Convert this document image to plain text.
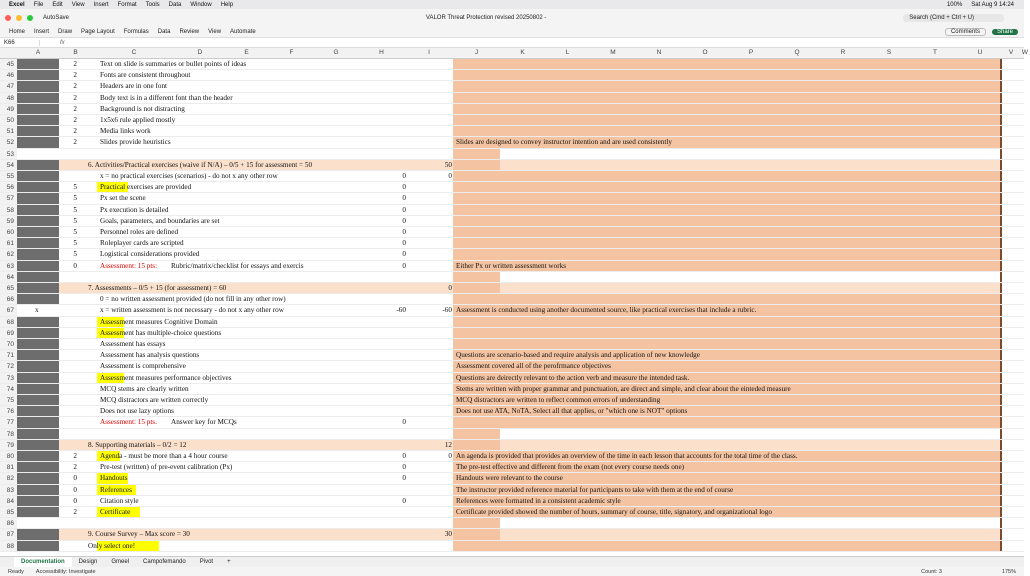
Excel File Edit View Insert Format Tools Data Window Help	100% Sat Aug 9 14:24
AutoSave	VALOR Threat Protection revised 20250802 -	Search (Cmd + Ctrl + U)
Home Insert Draw Page Layout Formulas Data Review View Automate	Comments	Share
K66	fx
A	B	C	D	E	F	G	H	I	J	K	L	M	N	O	P	Q	R	S	T	U	V	W
45	2	Text on slide is summaries or bullet points of ideas
46	2	Fonts are consistent throughout
47	2	Headers are in one font
48	2	Body text is in a different font than the header
49	2	Background is not distracting
50	2	1x5x6 rule applied mostly
51	2	Media links work
52	2	Slides provide heuristics	Slides are designed to convey instructor intention and are used consistently
53
54	6. Activities/Practical exercises (waive if N/A) – 0/5 + 15 for assessment = 50	50
55	x = no practical exercises (scenarios) - do not x any other row	0	0
56	5	Practical exercises are provided	0
57	5	Px set the scene	0
58	5	Px execution is detailed	0
59	5	Goals, parameters, and boundaries are set	0
60	5	Personnel roles are defined	0
61	5	Roleplayer cards are scripted	0
62	5	Logistical considerations provided	0
63	0	Assessment: 15 pts: Rubric/matrix/checklist for essays and exercis	0	Either Px or written assessment works
64
65	7. Assessments – 0/5 + 15 (for assessment) = 60	0
66	0 = no written assessment provided (do not fill in any other row)
67	x	x = written assessment is not necessary - do not x any other row	-60	-60 Assessment is conducted using another documented source, like practical exercises that include a rubric.
68	Assessment measures Cognitive Domain
69	Assessment has multiple-choice questions
70	Assessment has essays
71	Assessment has analysis questions	Questions are scenario-based and require analysis and application of new knowledge
72	Assessment is comprehensive	Assessment covered all of the perofrmance objectives
73	Assessment measures performance objectives	Questions are deirectly relevant to the action verb and measure the intended task.
74	MCQ stems are clearly written	Stems are written with proper grammar and punctuation, are direct and simple, and clear about the einteded measure
75	MCQ distractors are written correctly	MCQ distractors are written to reflect common errors of understanding
76	Does not use lazy options	Does not use ATA, NoTA, Select all that applies, or "which one is NOT" options
77	Assessment: 15 pts. Answer key for MCQs	0
78
79	8. Supporting materials – 0/2 = 12	12
80	2	Agenda - must be more than a 4 hour course	0	0 An agenda is provided that provides an overview of the time in each lesson that accounts for the total time of the class.
81	2	Pre-test (written) of pre-event calibration (Px)	0	The pre-test effective and different from the exam (not every course needs one)
82	0	Handouts	0	Handouts were relevant to the course
83	0	References	The instructor provided reference material for participants to take with them at the end of course
84	0	Citation style	0	References were formatted in a consistent academic style
85	2	Certificate	Certificate provided showed the number of hours, summary of course, title, signatory, and organizational logo
86
87	9. Course Survey – Max score = 30	30
88	Only select one!
Documentation	Design	Gmeel	Campofemando	Pivot	+
Ready Accessibility: Investigate	Count: 3	175%
